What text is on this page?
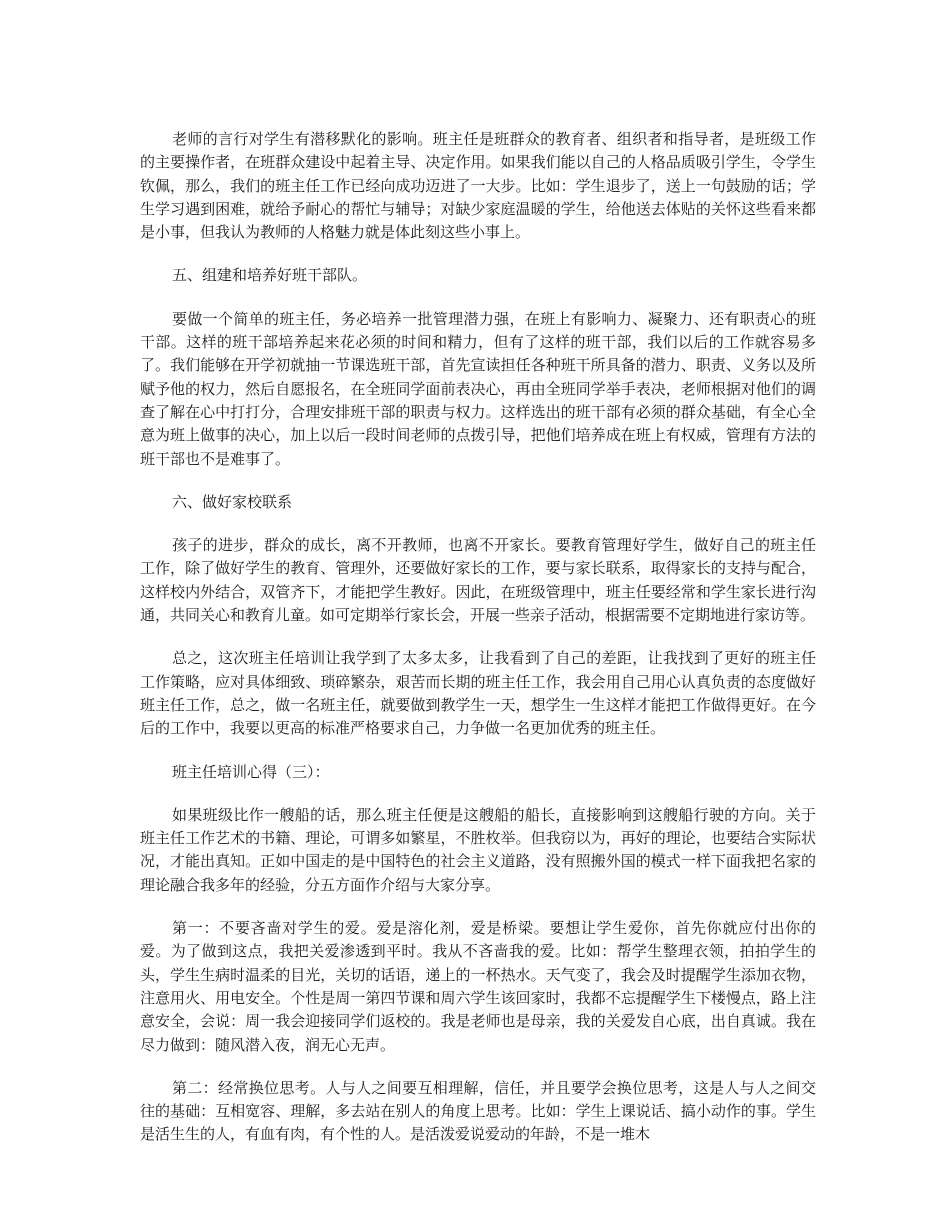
老师的言行对学生有潜移默化的影响。班主任是班群众的教育者、组织者和指导者，是班级工作的主要操作者，在班群众建设中起着主导、决定作用。如果我们能以自己的人格品质吸引学生，令学生钦佩，那么，我们的班主任工作已经向成功迈进了一大步。比如：学生退步了，送上一句鼓励的话；学生学习遇到困难，就给予耐心的帮忙与辅导；对缺少家庭温暖的学生，给他送去体贴的关怀这些看来都是小事，但我认为教师的人格魅力就是体此刻这些小事上。

五、组建和培养好班干部队。

要做一个简单的班主任，务必培养一批管理潜力强，在班上有影响力、凝聚力、还有职责心的班干部。这样的班干部培养起来花必须的时间和精力，但有了这样的班干部，我们以后的工作就容易多了。我们能够在开学初就抽一节课选班干部，首先宣读担任各种班干所具备的潜力、职责、义务以及所赋予他的权力，然后自愿报名，在全班同学面前表决心，再由全班同学举手表决，老师根据对他们的调查了解在心中打打分，合理安排班干部的职责与权力。这样选出的班干部有必须的群众基础，有全心全意为班上做事的决心，加上以后一段时间老师的点拨引导，把他们培养成在班上有权威，管理有方法的班干部也不是难事了。

六、做好家校联系

孩子的进步，群众的成长，离不开教师，也离不开家长。要教育管理好学生，做好自己的班主任工作，除了做好学生的教育、管理外，还要做好家长的工作，要与家长联系，取得家长的支持与配合，这样校内外结合，双管齐下，才能把学生教好。因此，在班级管理中，班主任要经常和学生家长进行沟通，共同关心和教育儿童。如可定期举行家长会，开展一些亲子活动，根据需要不定期地进行家访等。

总之，这次班主任培训让我学到了太多太多，让我看到了自己的差距，让我找到了更好的班主任工作策略，应对具体细致、琐碎繁杂，艰苦而长期的班主任工作，我会用自己用心认真负责的态度做好班主任工作，总之，做一名班主任，就要做到教学生一天，想学生一生这样才能把工作做得更好。在今后的工作中，我要以更高的标准严格要求自己，力争做一名更加优秀的班主任。

班主任培训心得（三）：

如果班级比作一艘船的话，那么班主任便是这艘船的船长，直接影响到这艘船行驶的方向。关于班主任工作艺术的书籍、理论，可谓多如繁星，不胜枚举。但我窃以为，再好的理论，也要结合实际状况，才能出真知。正如中国走的是中国特色的社会主义道路，没有照搬外国的模式一样下面我把名家的理论融合我多年的经验，分五方面作介绍与大家分享。

第一：不要吝啬对学生的爱。爱是溶化剂，爱是桥梁。要想让学生爱你，首先你就应付出你的爱。为了做到这点，我把关爱渗透到平时。我从不吝啬我的爱。比如：帮学生整理衣领，拍拍学生的头，学生生病时温柔的目光，关切的话语，递上的一杯热水。天气变了，我会及时提醒学生添加衣物，注意用火、用电安全。个性是周一第四节课和周六学生该回家时，我都不忘提醒学生下楼慢点，路上注意安全，会说：周一我会迎接同学们返校的。我是老师也是母亲，我的关爱发自心底，出自真诚。我在尽力做到：随风潜入夜，润无心无声。

第二：经常换位思考。人与人之间要互相理解，信任，并且要学会换位思考，这是人与人之间交往的基础：互相宽容、理解，多去站在别人的角度上思考。比如：学生上课说话、搞小动作的事。学生是活生生的人，有血有肉，有个性的人。是活泼爱说爱动的年龄，不是一堆木
